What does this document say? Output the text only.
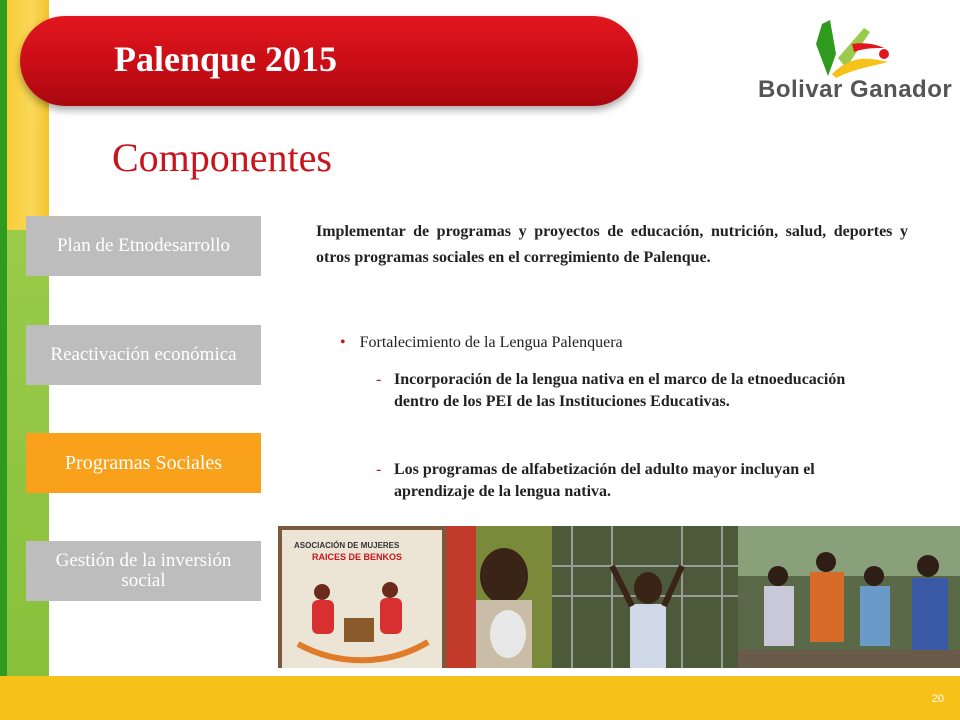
Palenque 2015
Bolivar Ganador
Componentes
Plan de Etnodesarrollo
Reactivación económica
Programas Sociales
Gestión de la inversión social
Implementar de programas y proyectos de educación, nutrición, salud, deportes y otros programas sociales en el corregimiento de Palenque.
• Fortalecimiento de la Lengua Palenquera
- Incorporación de la lengua nativa en el marco de la etnoeducación dentro de los PEI de las Instituciones Educativas.
- Los programas de alfabetización del adulto mayor incluyan el aprendizaje de la lengua nativa.
ASOCIACIÓN DE MUJERES
RAICES DE BENKOS
20
